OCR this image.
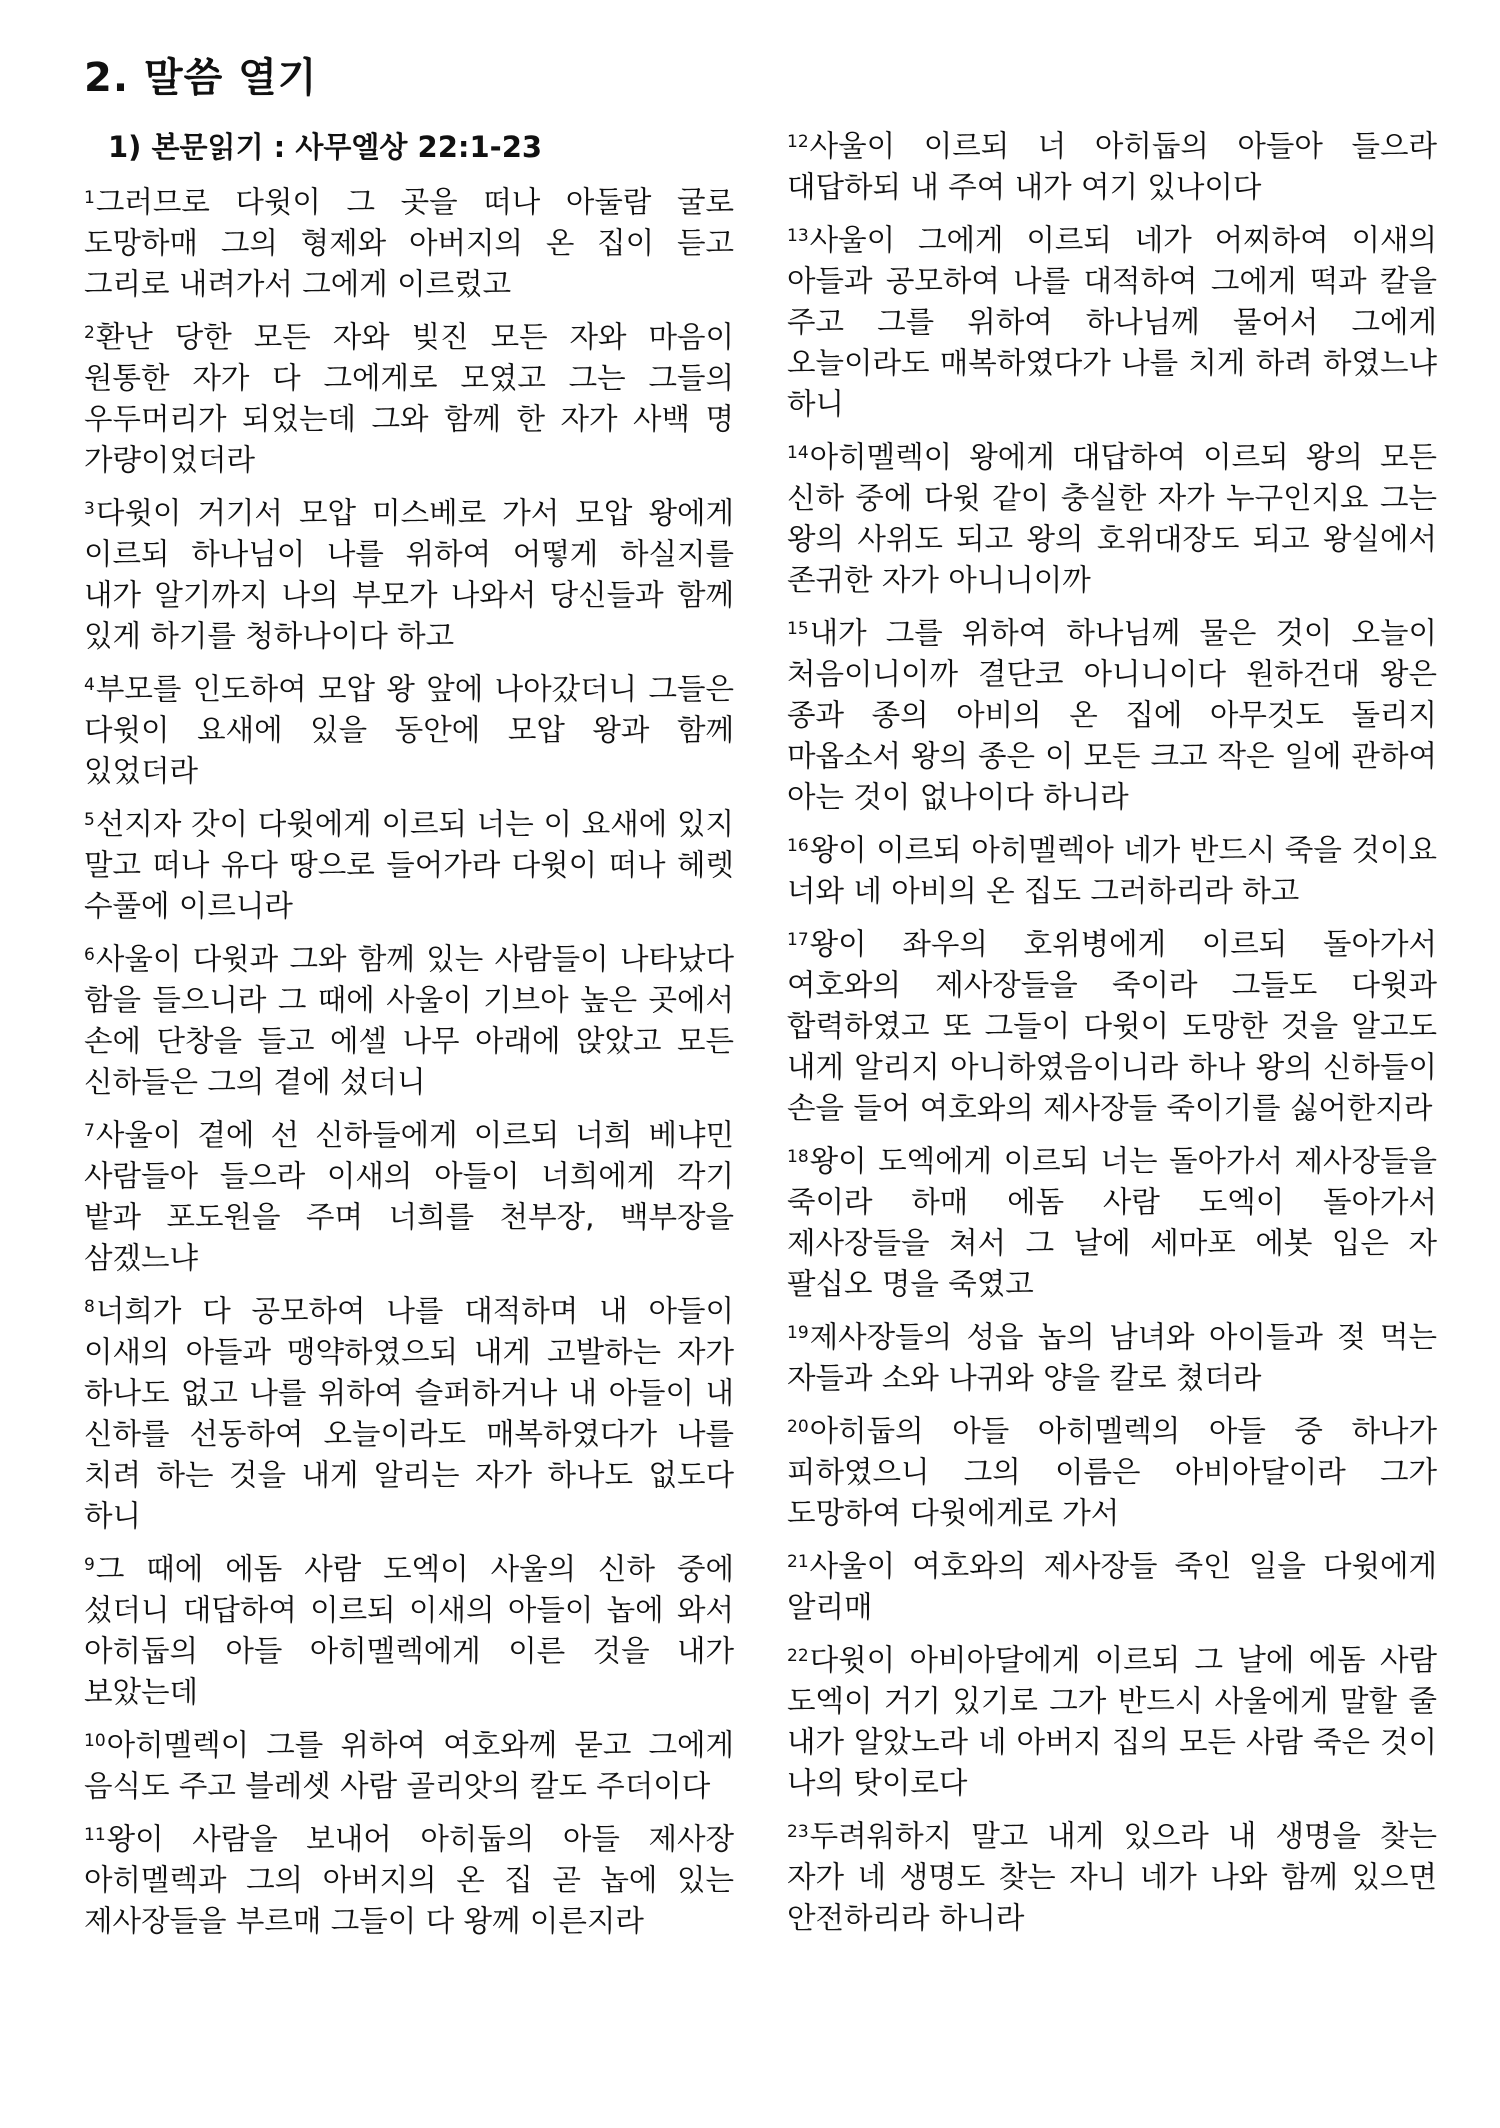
2. 말씀 열기
1) 본문읽기 : 사무엘상 22:1-23

$^1$그러므로 다윗이 그 곳을 떠나 아둘람 굴로 도망하매 그의 형제와 아버지의 온 집이 듣고 그리로 내려가서 그에게 이르렀고

$^2$환난 당한 모든 자와 빚진 모든 자와 마음이 원통한 자가 다 그에게로 모였고 그는 그들의 우두머리가 되었는데 그와 함께 한 자가 사백 명 가량이었더라

$^3$다윗이 거기서 모압 미스베로 가서 모압 왕에게 이르되 하나님이 나를 위하여 어떻게 하실지를 내가 알기까지 나의 부모가 나와서 당신들과 함께 있게 하기를 청하나이다 하고

$^4$부모를 인도하여 모압 왕 앞에 나아갔더니 그들은 다윗이 요새에 있을 동안에 모압 왕과 함께 있었더라

$^5$선지자 갓이 다윗에게 이르되 너는 이 요새에 있지 말고 떠나 유다 땅으로 들어가라 다윗이 떠나 헤렛 수풀에 이르니라

$^6$사울이 다윗과 그와 함께 있는 사람들이 나타났다 함을 들으니라 그 때에 사울이 기브아 높은 곳에서 손에 단창을 들고 에셀 나무 아래에 앉았고 모든 신하들은 그의 곁에 섰더니

$^7$사울이 곁에 선 신하들에게 이르되 너희 베냐민 사람들아 들으라 이새의 아들이 너희에게 각기 밭과 포도원을 주며 너희를 천부장, 백부장을 삼겠느냐

$^8$너희가 다 공모하여 나를 대적하며 내 아들이 이새의 아들과 맹약하였으되 내게 고발하는 자가 하나도 없고 나를 위하여 슬퍼하거나 내 아들이 내 신하를 선동하여 오늘이라도 매복하였다가 나를 치려 하는 것을 내게 알리는 자가 하나도 없도다 하니

$^9$그 때에 에돔 사람 도엑이 사울의 신하 중에 섰더니 대답하여 이르되 이새의 아들이 놉에 와서 아히둡의 아들 아히멜렉에게 이른 것을 내가 보았는데

$^{10}$아히멜렉이 그를 위하여 여호와께 묻고 그에게 음식도 주고 블레셋 사람 골리앗의 칼도 주더이다

$^{11}$왕이 사람을 보내어 아히둡의 아들 제사장 아히멜렉과 그의 아버지의 온 집 곧 놉에 있는 제사장들을 부르매 그들이 다 왕께 이른지라

$^{12}$사울이 이르되 너 아히둡의 아들아 들으라 대답하되 내 주여 내가 여기 있나이다

$^{13}$사울이 그에게 이르되 네가 어찌하여 이새의 아들과 공모하여 나를 대적하여 그에게 떡과 칼을 주고 그를 위하여 하나님께 물어서 그에게 오늘이라도 매복하였다가 나를 치게 하려 하였느냐 하니

$^{14}$아히멜렉이 왕에게 대답하여 이르되 왕의 모든 신하 중에 다윗 같이 충실한 자가 누구인지요 그는 왕의 사위도 되고 왕의 호위대장도 되고 왕실에서 존귀한 자가 아니니이까

$^{15}$내가 그를 위하여 하나님께 물은 것이 오늘이 처음이니이까 결단코 아니니이다 원하건대 왕은 종과 종의 아비의 온 집에 아무것도 돌리지 마옵소서 왕의 종은 이 모든 크고 작은 일에 관하여 아는 것이 없나이다 하니라

$^{16}$왕이 이르되 아히멜렉아 네가 반드시 죽을 것이요 너와 네 아비의 온 집도 그러하리라 하고

$^{17}$왕이 좌우의 호위병에게 이르되 돌아가서 여호와의 제사장들을 죽이라 그들도 다윗과 합력하였고 또 그들이 다윗이 도망한 것을 알고도 내게 알리지 아니하였음이니라 하나 왕의 신하들이 손을 들어 여호와의 제사장들 죽이기를 싫어한지라

$^{18}$왕이 도엑에게 이르되 너는 돌아가서 제사장들을 죽이라 하매 에돔 사람 도엑이 돌아가서 제사장들을 쳐서 그 날에 세마포 에봇 입은 자 팔십오 명을 죽였고

$^{19}$제사장들의 성읍 놉의 남녀와 아이들과 젖 먹는 자들과 소와 나귀와 양을 칼로 쳤더라

$^{20}$아히둡의 아들 아히멜렉의 아들 중 하나가 피하였으니 그의 이름은 아비아달이라 그가 도망하여 다윗에게로 가서

$^{21}$사울이 여호와의 제사장들 죽인 일을 다윗에게 알리매

$^{22}$다윗이 아비아달에게 이르되 그 날에 에돔 사람 도엑이 거기 있기로 그가 반드시 사울에게 말할 줄 내가 알았노라 네 아버지 집의 모든 사람 죽은 것이 나의 탓이로다

$^{23}$두려워하지 말고 내게 있으라 내 생명을 찾는 자가 네 생명도 찾는 자니 네가 나와 함께 있으면 안전하리라 하니라
